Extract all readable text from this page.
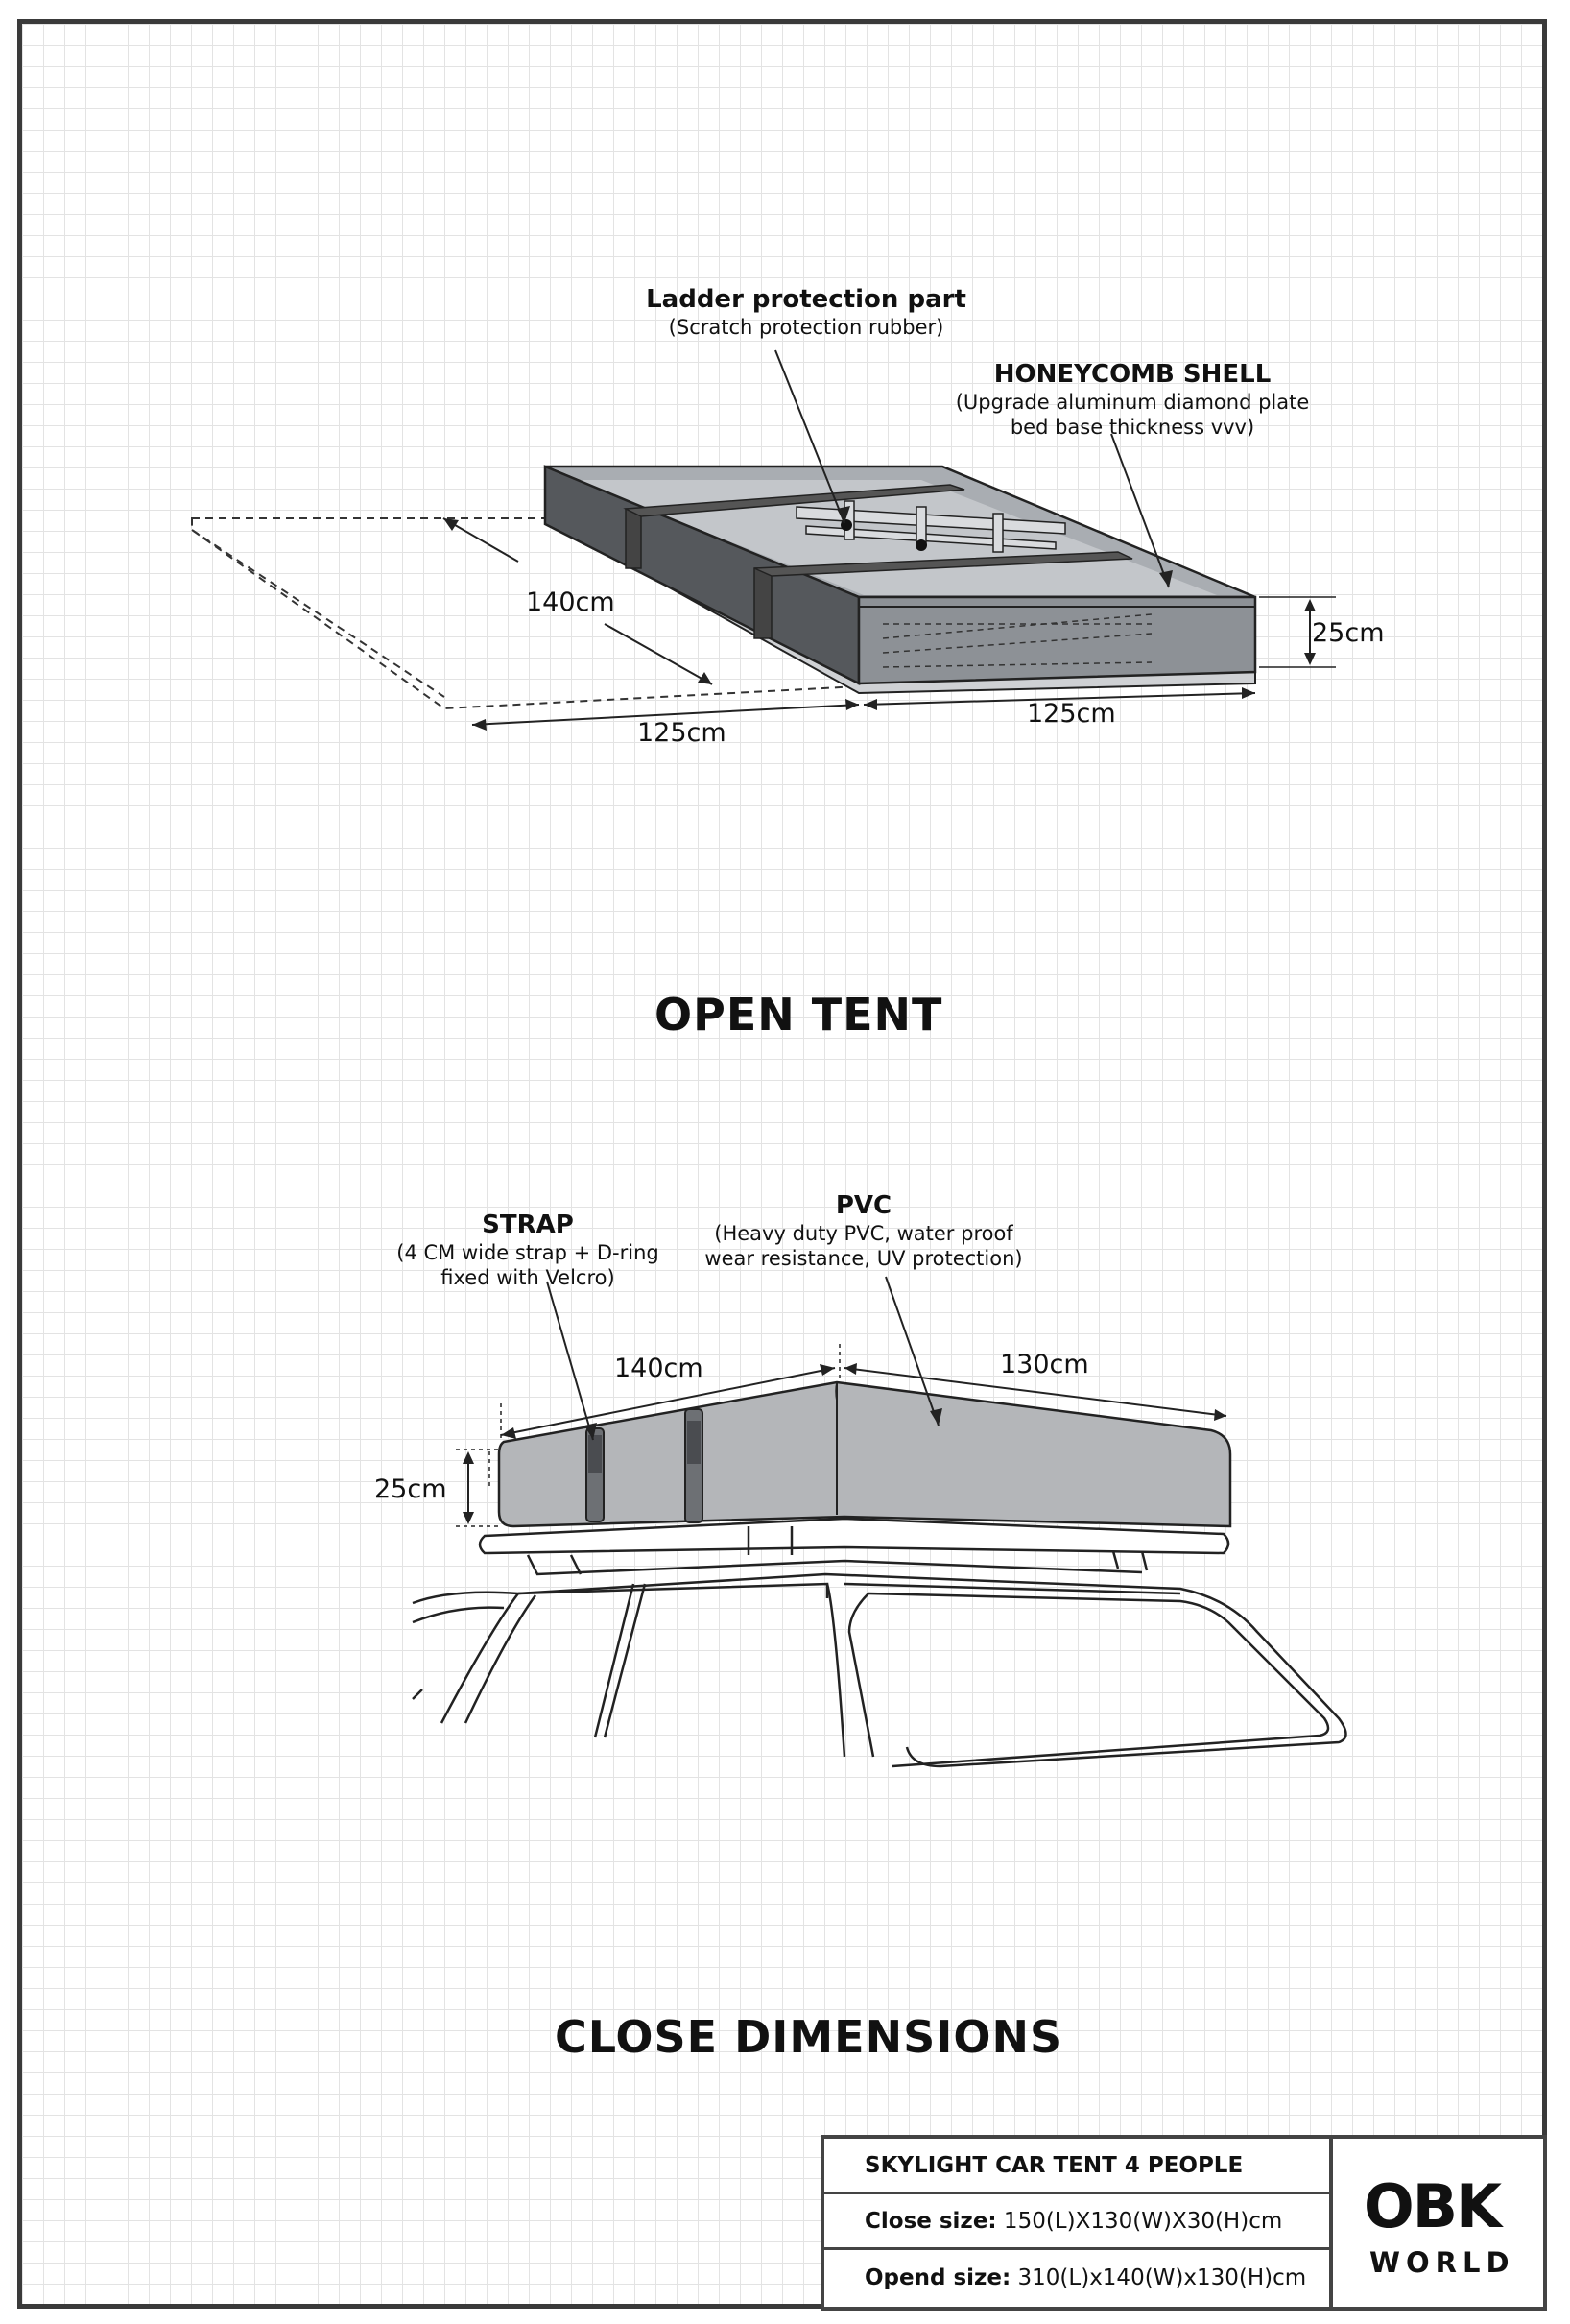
Ladder protection part
(Scratch protection rubber)
HONEYCOMB SHELL
(Upgrade aluminum diamond plate
bed base thickness vvv)
140cm
125cm
125cm
25cm
OPEN TENT
STRAP
(4 CM wide strap + D-ring
fixed with Velcro)
PVC
(Heavy duty PVC, water proof
wear resistance, UV protection)
140cm	130cm
25cm
CLOSE DIMENSIONS
SKYLIGHT CAR TENT 4 PEOPLE
Close size: 150(L)X130(W)X30(H)cm
Opend size: 310(L)x140(W)x130(H)cm
OBK
WORLD
